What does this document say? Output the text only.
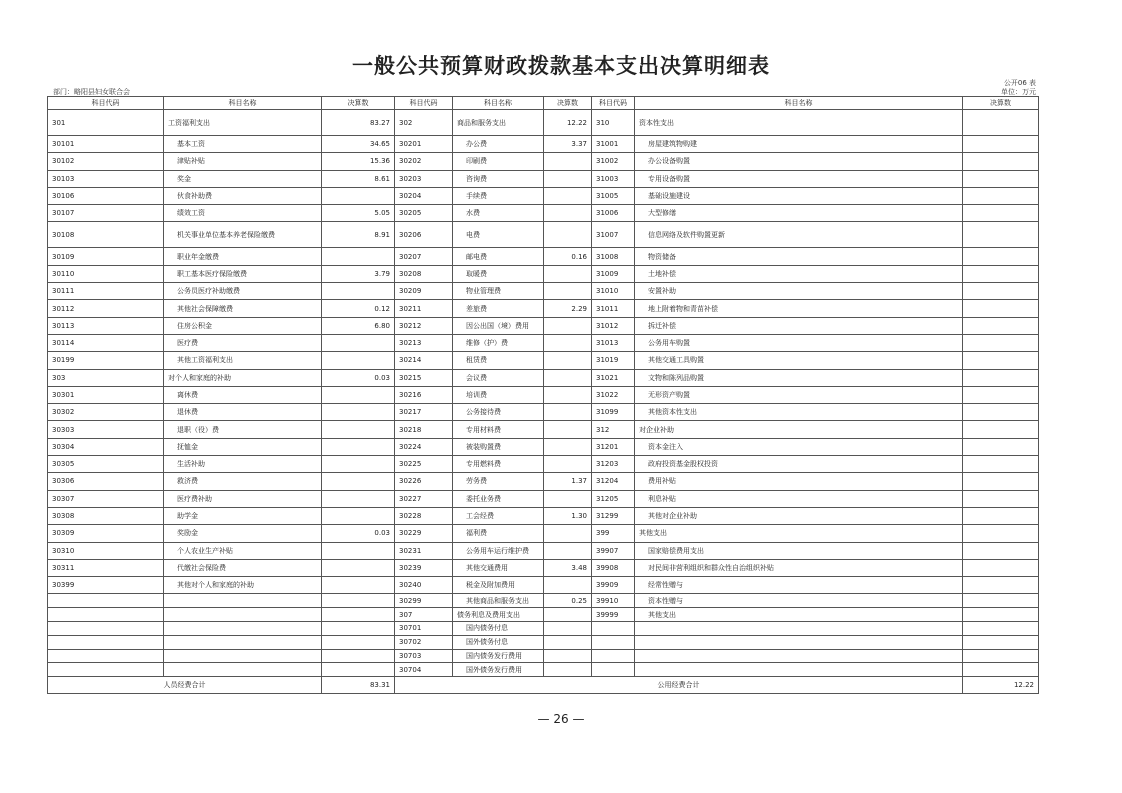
一般公共预算财政拨款基本支出决算明细表
部门：略阳县妇女联合会
公开06 表
单位：万元
科目代码	科目名称	决算数	科目代码	科目名称	决算数	科目代码	科目名称	决算数
301	工资福利支出	83.27	302	商品和服务支出	12.22	310	资本性支出	
30101	基本工资	34.65	30201	办公费	3.37	31001	房屋建筑物购建	
30102	津贴补贴	15.36	30202	印刷费		31002	办公设备购置	
30103	奖金	8.61	30203	咨询费		31003	专用设备购置	
30106	伙食补助费		30204	手续费		31005	基础设施建设	
30107	绩效工资	5.05	30205	水费		31006	大型修缮	
30108	机关事业单位基本养老保险缴费	8.91	30206	电费		31007	信息网络及软件购置更新	
30109	职业年金缴费		30207	邮电费	0.16	31008	物资储备	
30110	职工基本医疗保险缴费	3.79	30208	取暖费		31009	土地补偿	
30111	公务员医疗补助缴费		30209	物业管理费		31010	安置补助	
30112	其他社会保障缴费	0.12	30211	差旅费	2.29	31011	地上附着物和青苗补偿	
30113	住房公积金	6.80	30212	因公出国（境）费用		31012	拆迁补偿	
30114	医疗费		30213	维修（护）费		31013	公务用车购置	
30199	其他工资福利支出		30214	租赁费		31019	其他交通工具购置	
303	对个人和家庭的补助	0.03	30215	会议费		31021	文物和陈列品购置	
30301	离休费		30216	培训费		31022	无形资产购置	
30302	退休费		30217	公务接待费		31099	其他资本性支出	
30303	退职（役）费		30218	专用材料费		312	对企业补助	
30304	抚恤金		30224	被装购置费		31201	资本金注入	
30305	生活补助		30225	专用燃料费		31203	政府投资基金股权投资	
30306	救济费		30226	劳务费	1.37	31204	费用补贴	
30307	医疗费补助		30227	委托业务费		31205	利息补贴	
30308	助学金		30228	工会经费	1.30	31299	其他对企业补助	
30309	奖励金	0.03	30229	福利费		399	其他支出	
30310	个人农业生产补贴		30231	公务用车运行维护费		39907	国家赔偿费用支出	
30311	代缴社会保险费		30239	其他交通费用	3.48	39908	对民间非营利组织和群众性自治组织补贴	
30399	其他对个人和家庭的补助		30240	税金及附加费用		39909	经常性赠与	
			30299	其他商品和服务支出	0.25	39910	资本性赠与	
			307	债务利息及费用支出		39999	其他支出	
			30701	国内债务付息				
			30702	国外债务付息				
			30703	国内债务发行费用				
			30704	国外债务发行费用				
人员经费合计		83.31	公用经费合计					12.22
— 26 —
